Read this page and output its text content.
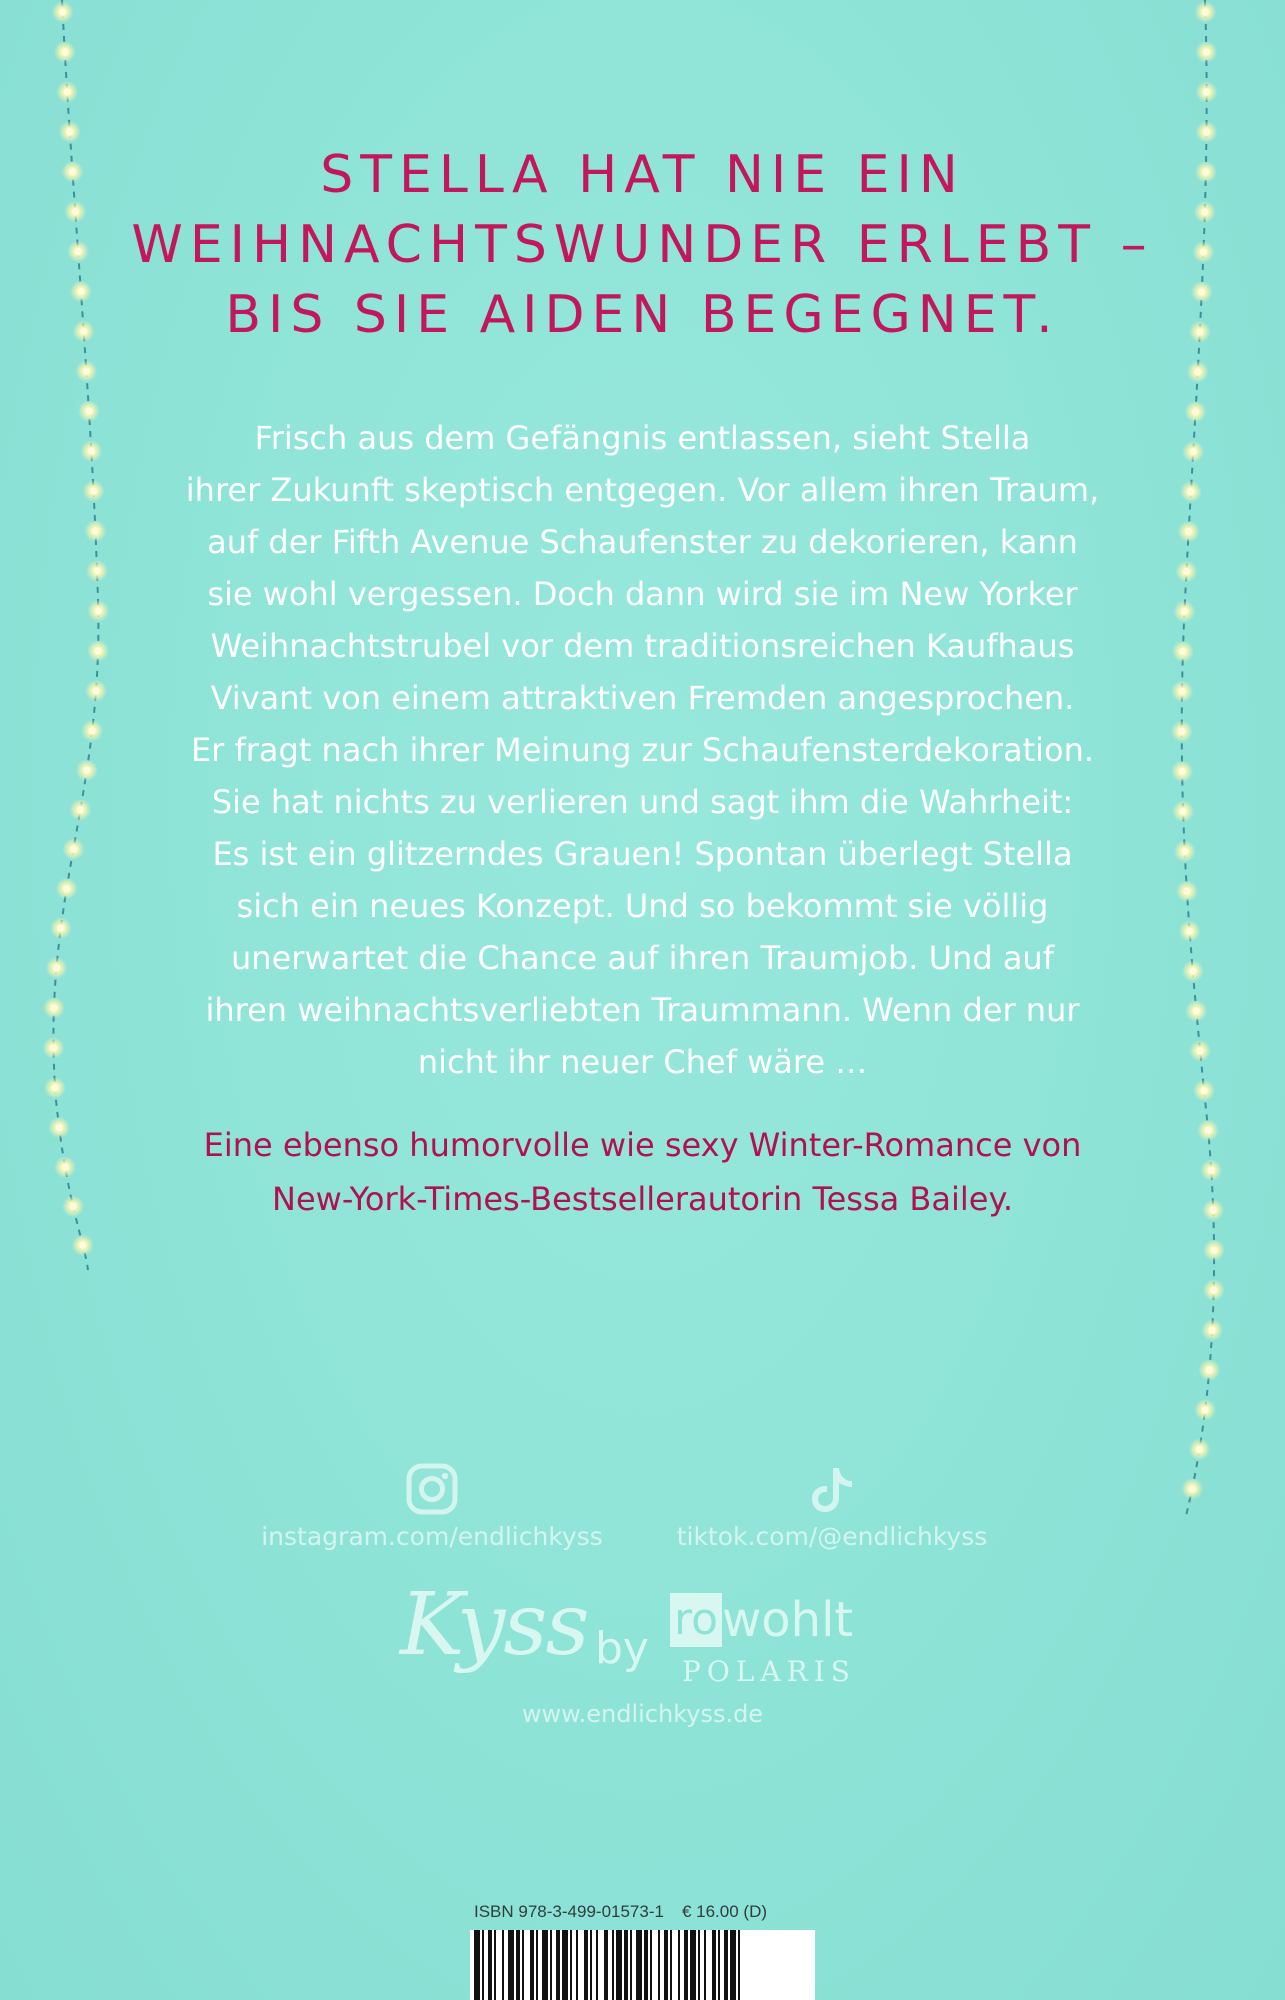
STELLA HAT NIE EIN
WEIHNACHTSWUNDER ERLEBT –
BIS SIE AIDEN BEGEGNET.
Frisch aus dem Gefängnis entlassen, sieht Stella
ihrer Zukunft skeptisch entgegen. Vor allem ihren Traum,
auf der Fifth Avenue Schaufenster zu dekorieren, kann
sie wohl vergessen. Doch dann wird sie im New Yorker
Weihnachtstrubel vor dem traditionsreichen Kaufhaus
Vivant von einem attraktiven Fremden angesprochen.
Er fragt nach ihrer Meinung zur Schaufensterdekoration.
Sie hat nichts zu verlieren und sagt ihm die Wahrheit:
Es ist ein glitzerndes Grauen! Spontan überlegt Stella
sich ein neues Konzept. Und so bekommt sie völlig
unerwartet die Chance auf ihren Traumjob. Und auf
ihren weihnachtsverliebten Traummann. Wenn der nur
nicht ihr neuer Chef wäre …
Eine ebenso humorvolle wie sexy Winter-Romance von
New-York-Times-Bestsellerautorin Tessa Bailey.
instagram.com/endlichkyss	tiktok.com/@endlichkyss
Kyss by
rowohlt
POLARIS
www.endlichkyss.de
ISBN 978-3-499-01573-1 € 16.00 (D)
